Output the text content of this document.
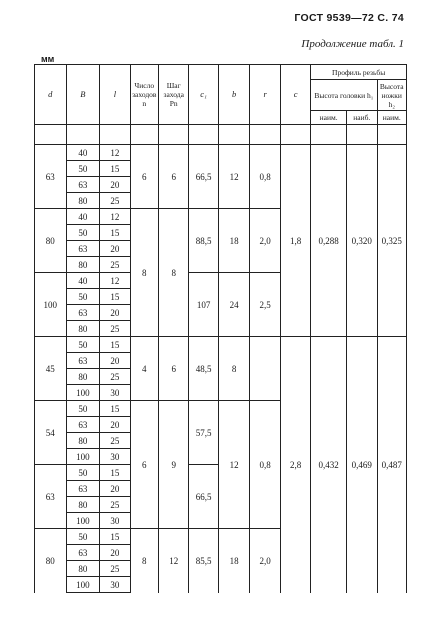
ГОСТ 9539—72 С. 74
Продолжение табл. 1
мм
d	B	l	Число заходов n	Шаг захода Pn	c₁	b	r	c	Профиль резьбы		
									Высота головки h₁		Высота ножки h₂
									наим.	наиб.	наим.

63	40	12	6	6	66,5	12	0,8	1,8	0,288	0,320	0,325
	50	15									
	63	20									
	80	25									
80	40	12	8	8	88,5	18	2,0				
	50	15									
	63	20									
	80	25									
100	40	12			107	24	2,5				
	50	15									
	63	20									
	80	25									
45	50	15	4	6	48,5	8		2,8	0,432	0,469	0,487
	63	20									
	80	25									
	100	30									
54	50	15	6	9	57,5	12	0,8				
	63	20									
	80	25									
	100	30									
63	50	15			66,5						
	63	20									
	80	25									
	100	30									
80	50	15	8	12	85,5	18	2,0				
	63	20									
	80	25									
	100	30									
